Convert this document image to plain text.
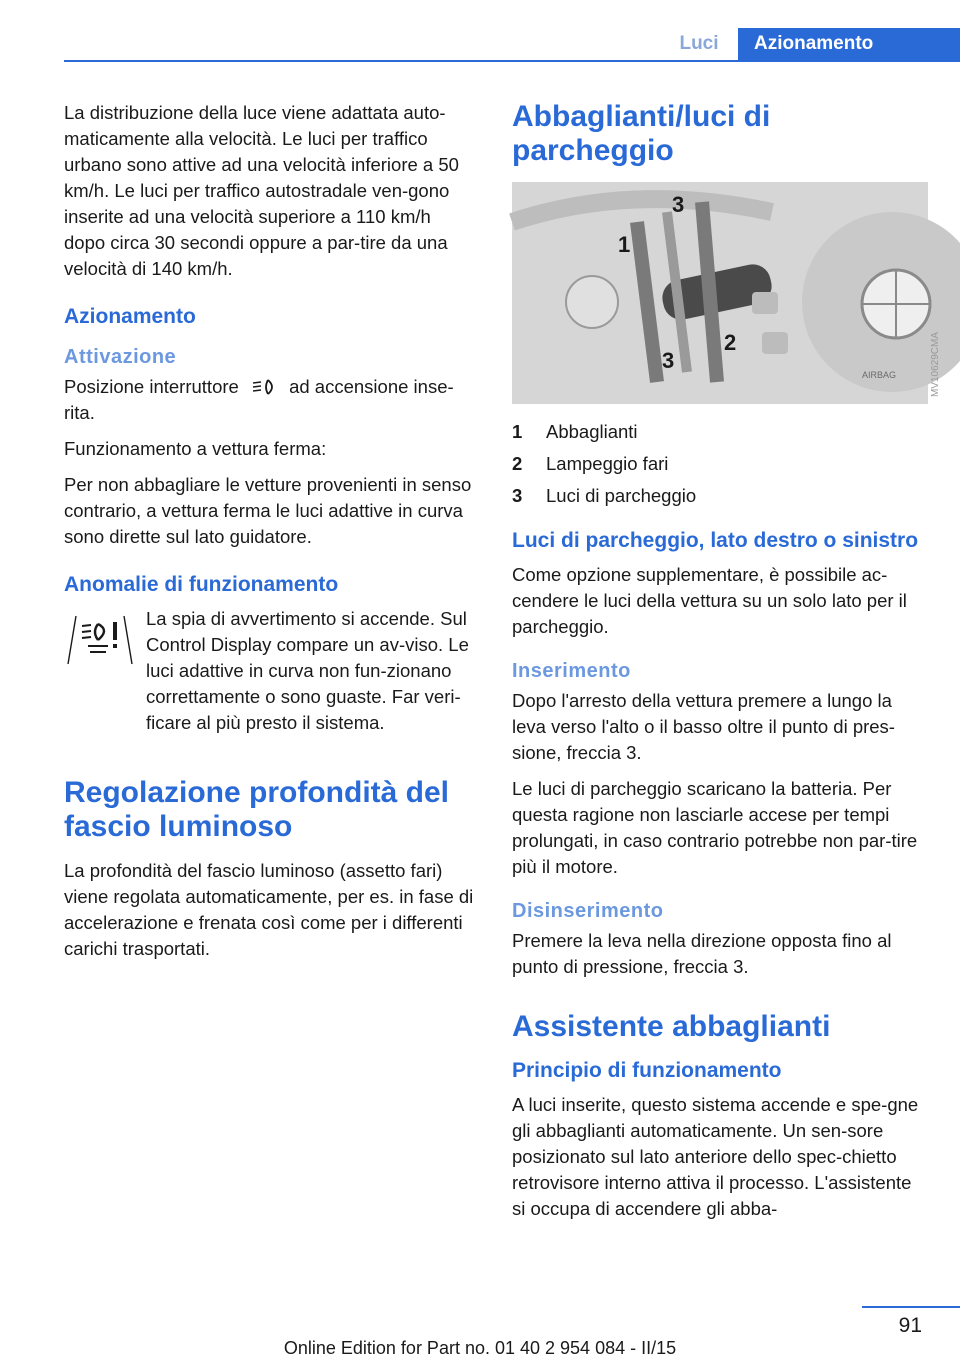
Luci	Azionamento

La distribuzione della luce viene adattata auto-maticamente alla velocità. Le luci per traffico urbano sono attive ad una velocità inferiore a 50 km/h. Le luci per traffico autostradale ven-gono inserite ad una velocità superiore a 110 km/h dopo circa 30 secondi oppure a par-tire da una velocità di 140 km/h.

Azionamento
Attivazione

Posizione interruttore	ad accensione inse-rita.

Funzionamento a vettura ferma:

Per non abbagliare le vetture provenienti in senso contrario, a vettura ferma le luci adattive in curva sono dirette sul lato guidatore.

Anomalie di funzionamento

La spia di avvertimento si accende. Sul Control Display compare un av-viso. Le luci adattive in curva non fun-zionano correttamente o sono guaste. Far veri-ficare al più presto il sistema.

Regolazione profondità del fascio luminoso

La profondità del fascio luminoso (assetto fari) viene regolata automaticamente, per es. in fase di accelerazione e frenata così come per i differenti carichi trasportati.

Abbaglianti/luci di parcheggio
3
1
2
3
AIRBAG	MV10629CMA
1	Abbaglianti
2	Lampeggio fari
3	Luci di parcheggio
Luci di parcheggio, lato destro o sinistro

Come opzione supplementare, è possibile ac-cendere le luci della vettura su un solo lato per il parcheggio.

Inserimento

Dopo l'arresto della vettura premere a lungo la leva verso l'alto o il basso oltre il punto di pres-sione, freccia 3.

Le luci di parcheggio scaricano la batteria. Per questa ragione non lasciarle accese per tempi prolungati, in caso contrario potrebbe non par-tire più il motore.

Disinserimento

Premere la leva nella direzione opposta fino al punto di pressione, freccia 3.

Assistente abbaglianti
Principio di funzionamento

A luci inserite, questo sistema accende e spe-gne gli abbaglianti automaticamente. Un sen-sore posizionato sul lato anteriore dello spec-chietto retrovisore interno attiva il processo. L'assistente si occupa di accendere gli abba-

91
Online Edition for Part no. 01 40 2 954 084 - II/15
